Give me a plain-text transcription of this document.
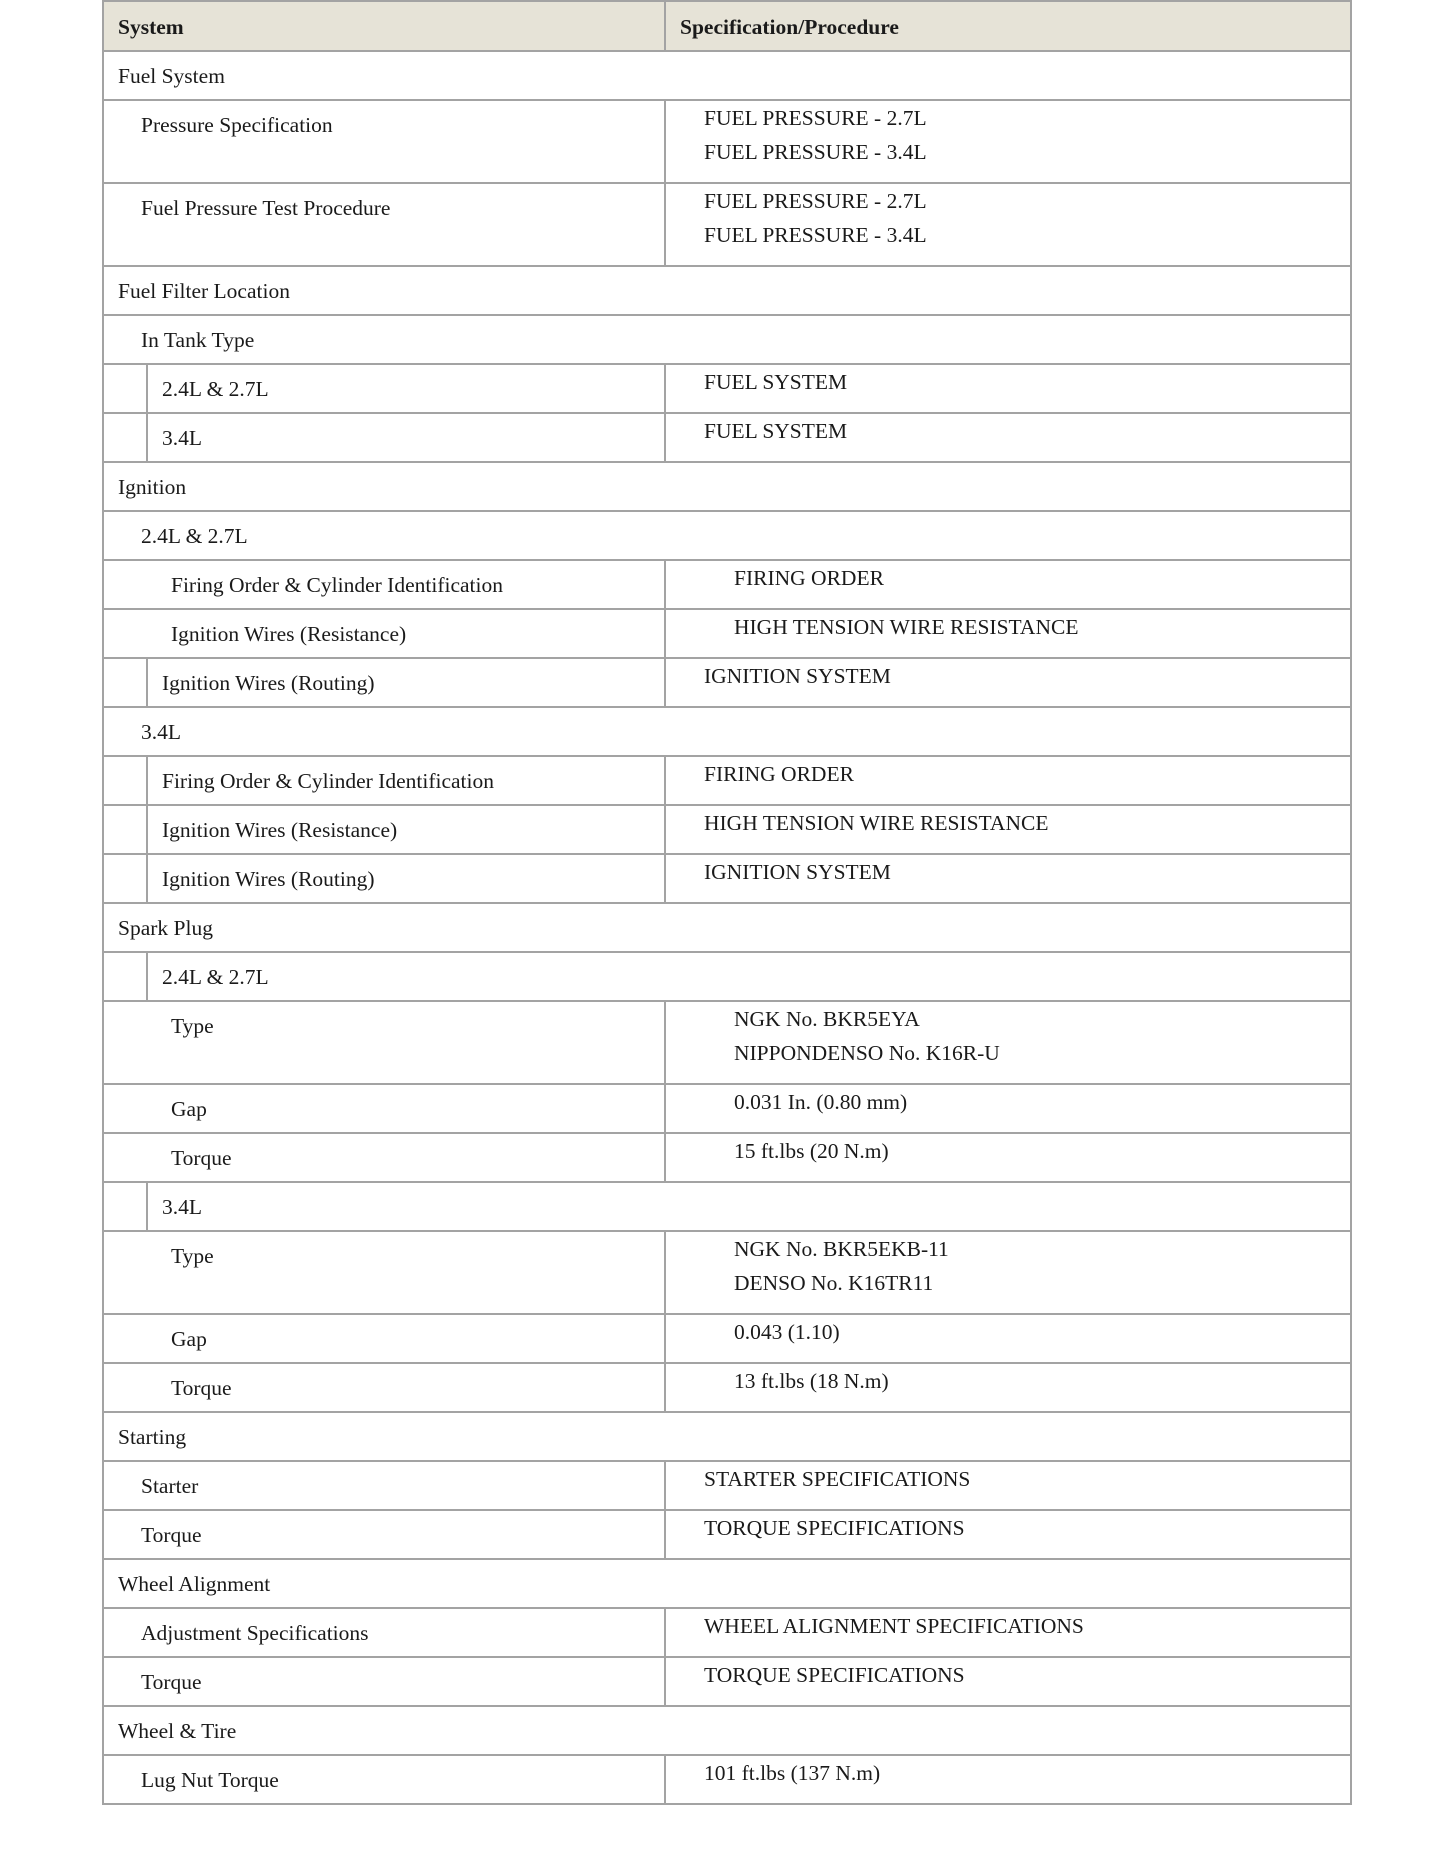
System	Specification/Procedure

Fuel System	

Pressure Specification	FUEL PRESSURE - 2.7L
FUEL PRESSURE - 3.4L

Fuel Pressure Test Procedure	FUEL PRESSURE - 2.7L
FUEL PRESSURE - 3.4L

Fuel Filter Location	

In Tank Type	

2.4L & 2.7L	FUEL SYSTEM

3.4L	FUEL SYSTEM

Ignition	

2.4L & 2.7L	

Firing Order & Cylinder Identification	FIRING ORDER

Ignition Wires (Resistance)	HIGH TENSION WIRE RESISTANCE

Ignition Wires (Routing)	IGNITION SYSTEM

3.4L	

Firing Order & Cylinder Identification	FIRING ORDER

Ignition Wires (Resistance)	HIGH TENSION WIRE RESISTANCE

Ignition Wires (Routing)	IGNITION SYSTEM

Spark Plug	

2.4L & 2.7L	

Type	NGK No. BKR5EYA
NIPPONDENSO No. K16R-U

Gap	0.031 In. (0.80 mm)

Torque	15 ft.lbs (20 N.m)

3.4L	

Type	NGK No. BKR5EKB-11
DENSO No. K16TR11

Gap	0.043 (1.10)

Torque	13 ft.lbs (18 N.m)

Starting	

Starter	STARTER SPECIFICATIONS

Torque	TORQUE SPECIFICATIONS

Wheel Alignment	

Adjustment Specifications	WHEEL ALIGNMENT SPECIFICATIONS

Torque	TORQUE SPECIFICATIONS

Wheel & Tire	

Lug Nut Torque	101 ft.lbs (137 N.m)
